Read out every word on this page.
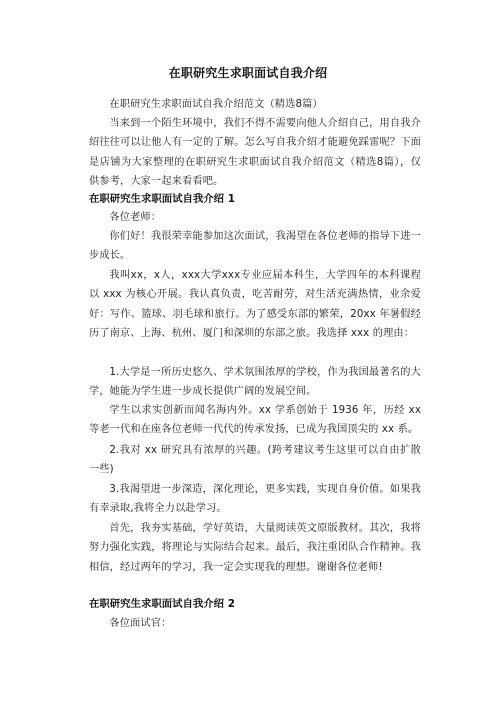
在职研究生求职面试自我介绍
在职研究生求职面试自我介绍范文（精选8篇）
当来到一个陌生环境中，我们不得不需要向他人介绍自己，用自我介绍往往可以让他人有一定的了解。怎么写自我介绍才能避免踩雷呢？下面是店铺为大家整理的在职研究生求职面试自我介绍范文（精选8篇），仅供参考，大家一起来看看吧。
在职研究生求职面试自我介绍 1
各位老师：
你们好！我很荣幸能参加这次面试，我渴望在各位老师的指导下进一步成长。
我叫xx，x人，xxx大学xxx专业应届本科生，大学四年的本科课程以 xxx 为核心开展。我认真负责，吃苦耐劳，对生活充满热情，业余爱好：写作、篮球、羽毛球和旅行。为了感受东部的繁荣，20xx 年暑假经历了南京、上海、杭州、厦门和深圳的东部之旅。我选择 xxx 的理由：
1.大学是一所历史悠久、学术氛围浓厚的学校，作为我国最著名的大学，她能为学生进一步成长提供广阔的发展空间。
学生以求实创新而闻名海内外。xx 学系创始于 1936 年，历经 xx 等老一代和在座各位老师一代代的传承发扬，已成为我国顶尖的 xx 系。
2.我对 xx 研究具有浓厚的兴趣。(跨考建议考生这里可以自由扩散一些)
3.我渴望进一步深造，深化理论，更多实践，实现自身价值。如果我有幸录取,我将全力以赴学习。
首先，我夯实基础，学好英语，大量阅读英文原版教材。其次，我将努力强化实践，将理论与实际结合起来。最后，我注重团队合作精神。我相信，经过两年的学习，我一定会实现我的理想。谢谢各位老师!
在职研究生求职面试自我介绍 2
各位面试官：
